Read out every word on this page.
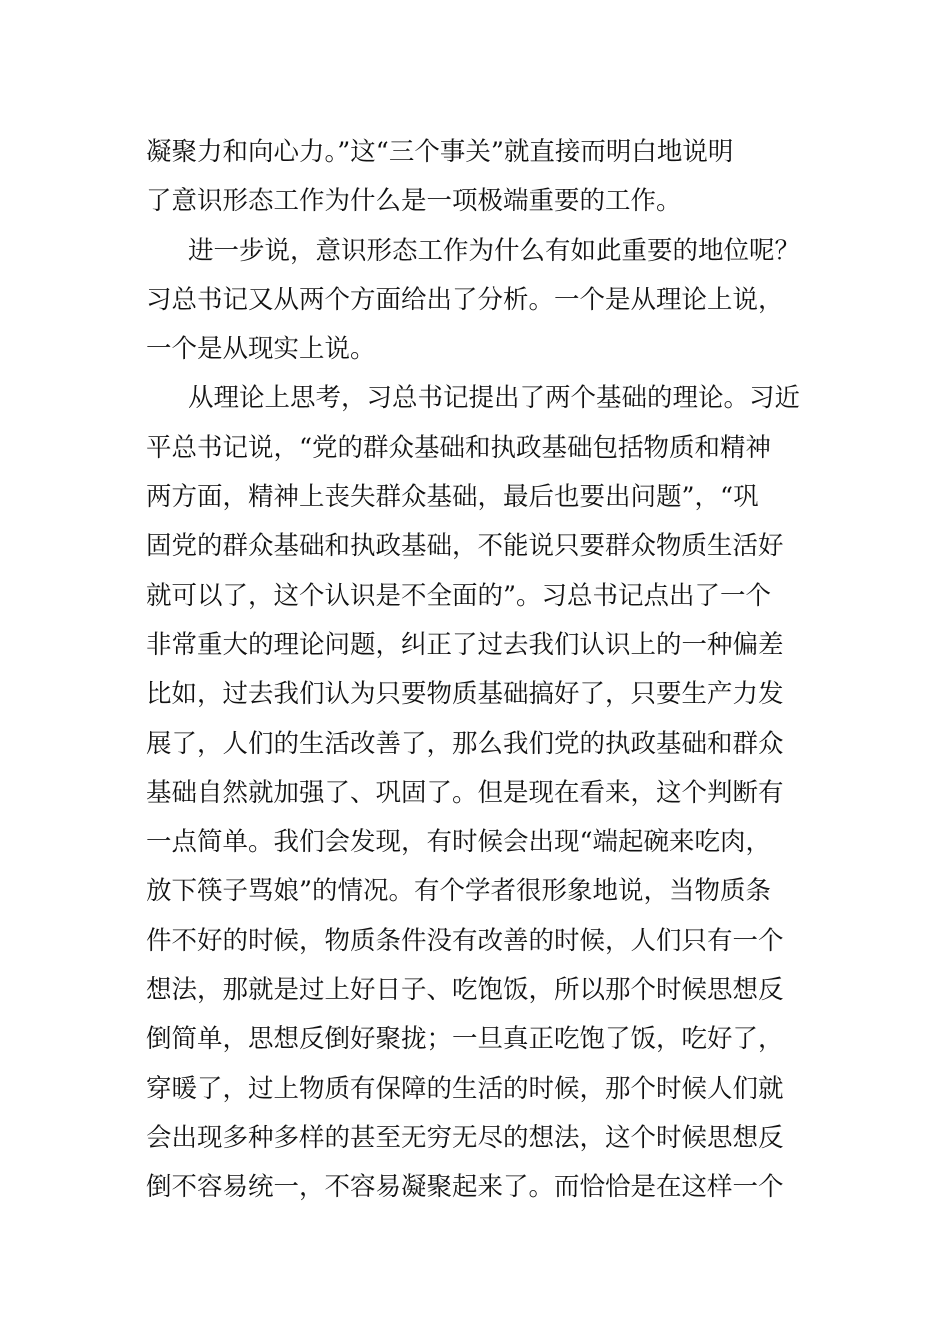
凝聚力和向心力。”这“三个事关”就直接而明白地说明
了意识形态工作为什么是一项极端重要的工作。
进一步说，意识形态工作为什么有如此重要的地位呢？
习总书记又从两个方面给出了分析。一个是从理论上说，
一个是从现实上说。
从理论上思考，习总书记提出了两个基础的理论。习近
平总书记说，“党的群众基础和执政基础包括物质和精神
两方面，精神上丧失群众基础，最后也要出问题”，“巩
固党的群众基础和执政基础，不能说只要群众物质生活好
就可以了，这个认识是不全面的”。习总书记点出了一个
非常重大的理论问题，纠正了过去我们认识上的一种偏差
比如，过去我们认为只要物质基础搞好了，只要生产力发
展了，人们的生活改善了，那么我们党的执政基础和群众
基础自然就加强了、巩固了。但是现在看来，这个判断有
一点简单。我们会发现，有时候会出现“端起碗来吃肉，
放下筷子骂娘”的情况。有个学者很形象地说，当物质条
件不好的时候，物质条件没有改善的时候，人们只有一个
想法，那就是过上好日子、吃饱饭，所以那个时候思想反
倒简单，思想反倒好聚拢；一旦真正吃饱了饭，吃好了，
穿暖了，过上物质有保障的生活的时候，那个时候人们就
会出现多种多样的甚至无穷无尽的想法，这个时候思想反
倒不容易统一，不容易凝聚起来了。而恰恰是在这样一个
